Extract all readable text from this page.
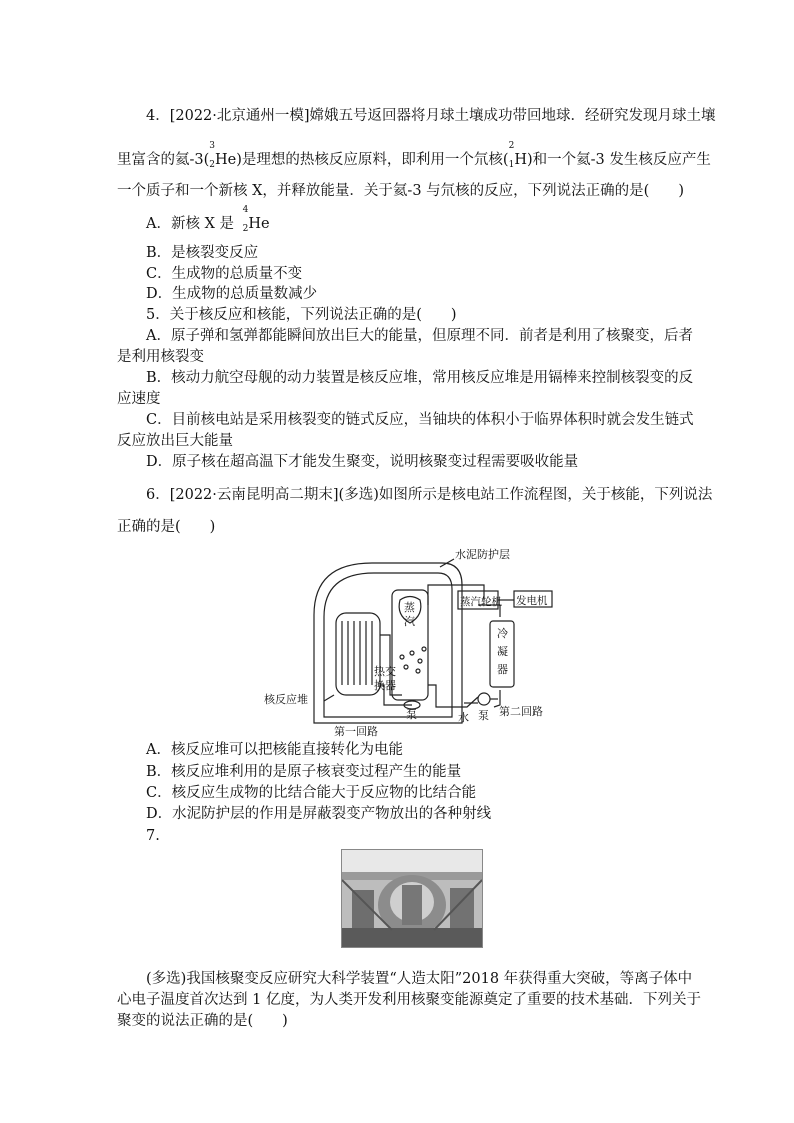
4．[2022·北京通州一模]嫦娥五号返回器将月球土壤成功带回地球．经研究发现月球土壤
里富含的氦-3(
3
$_2$He)是理想的热核反应原料，即利用一个氘核(
2
$_1$H)和一个氦-3 发生核反应产生
一个质子和一个新核 X，并释放能量．关于氦-3 与氘核的反应，下列说法正确的是(　　)
A．新核 X 是
4
$_2$He
B．是核裂变反应
C．生成物的总质量不变
D．生成物的总质量数减少
5．关于核反应和核能，下列说法正确的是(　　)
A．原子弹和氢弹都能瞬间放出巨大的能量，但原理不同．前者是利用了核聚变，后者
是利用核裂变
B．核动力航空母舰的动力装置是核反应堆，常用核反应堆是用镉棒来控制核裂变的反
应速度
C．目前核电站是采用核裂变的链式反应，当铀块的体积小于临界体积时就会发生链式
反应放出巨大能量
D．原子核在超高温下才能发生聚变，说明核聚变过程需要吸收能量
6．[2022·云南昆明高二期末](多选)如图所示是核电站工作流程图，关于核能，下列说法
正确的是(　　)
水泥防护层
蒸
汽
蒸汽轮机 发电机
冷
凝
器
热交
换器
核反应堆
泵
第一回路
水 泵 第二回路
A．核反应堆可以把核能直接转化为电能
B．核反应堆利用的是原子核衰变过程产生的能量
C．核反应生成物的比结合能大于反应物的比结合能
D．水泥防护层的作用是屏蔽裂变产物放出的各种射线
7.
(多选)我国核聚变反应研究大科学装置“人造太阳”2018 年获得重大突破，等离子体中
心电子温度首次达到 1 亿度，为人类开发利用核聚变能源奠定了重要的技术基础．下列关于
聚变的说法正确的是(　　)
